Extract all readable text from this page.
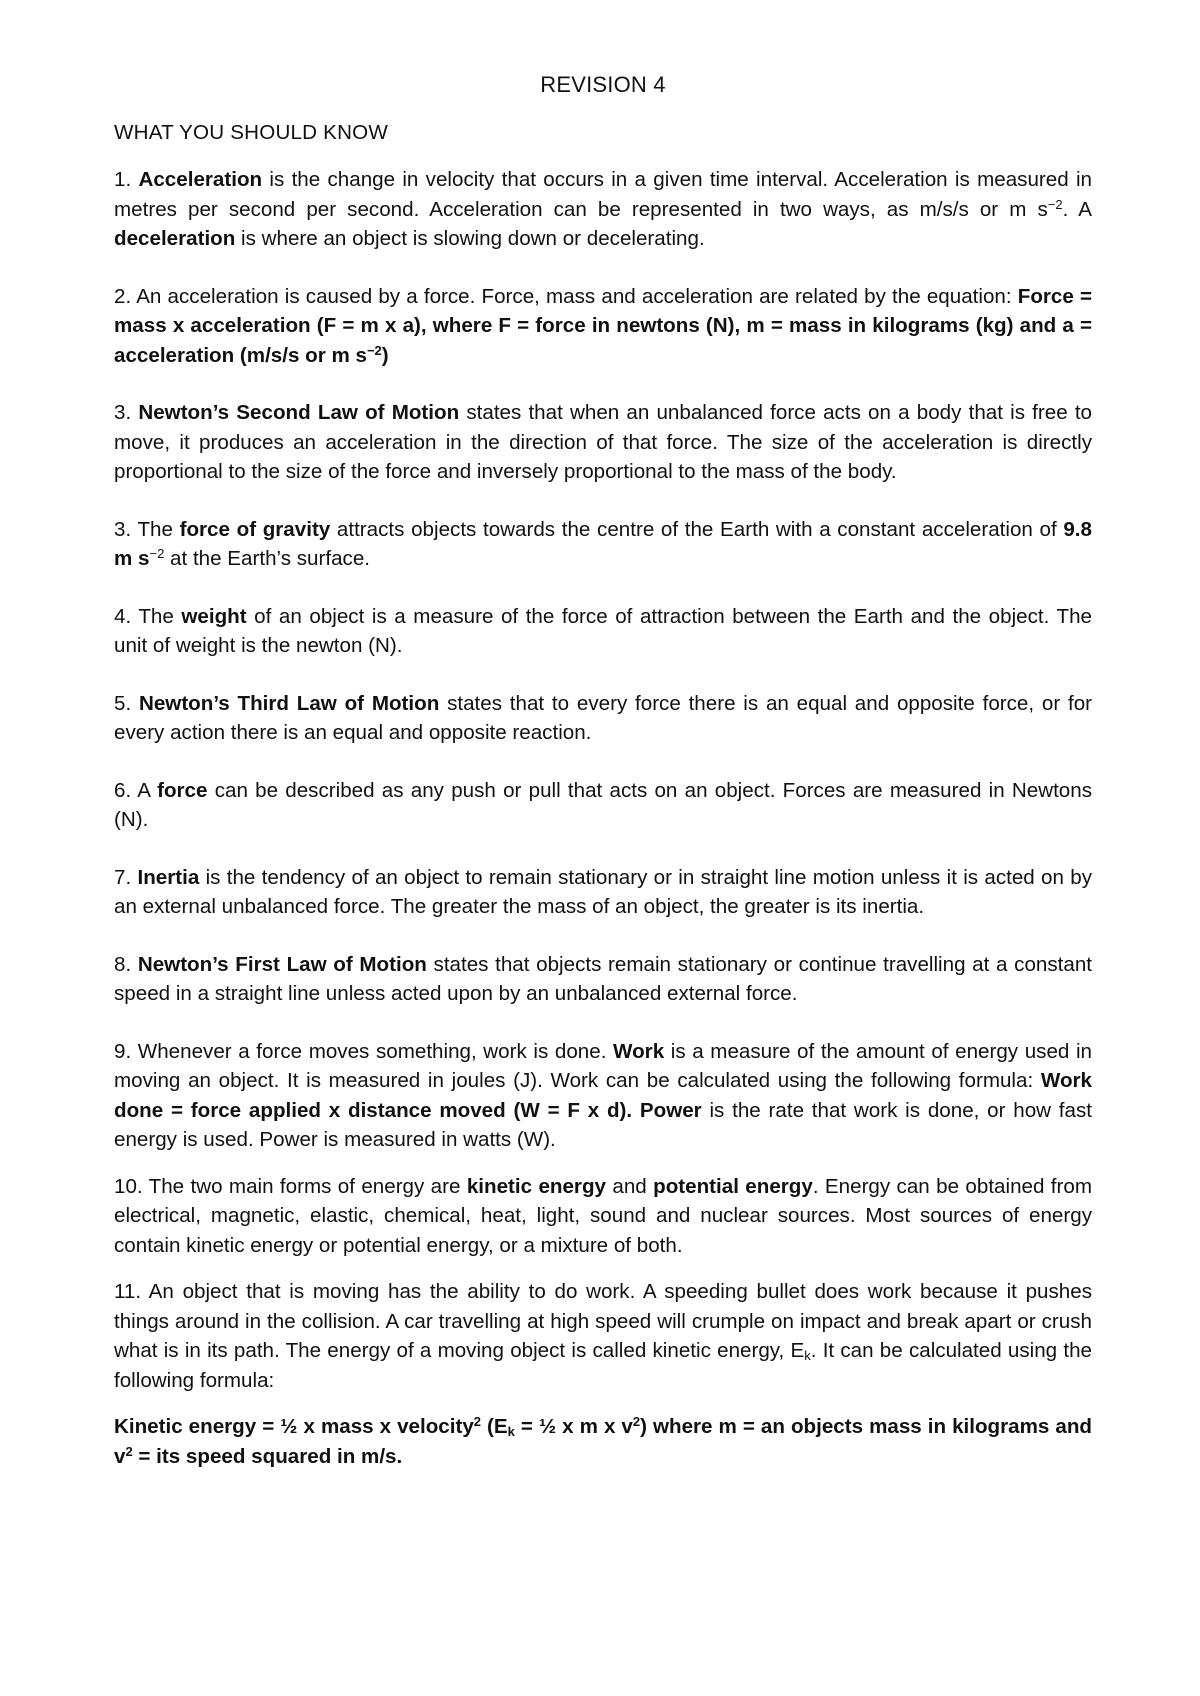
REVISION 4
WHAT YOU SHOULD KNOW

1. Acceleration is the change in velocity that occurs in a given time interval. Acceleration is measured in metres per second per second. Acceleration can be represented in two ways, as m/s/s or m $s^{-2}$. A deceleration is where an object is slowing down or decelerating.

2. An acceleration is caused by a force. Force, mass and acceleration are related by the equation: Force = mass x acceleration (F = m x a), where F = force in newtons (N), m = mass in kilograms (kg) and a = acceleration (m/s/s or m $s^{-2}$)

3. Newton’s Second Law of Motion states that when an unbalanced force acts on a body that is free to move, it produces an acceleration in the direction of that force. The size of the acceleration is directly proportional to the size of the force and inversely proportional to the mass of the body.

3. The force of gravity attracts objects towards the centre of the Earth with a constant acceleration of 9.8 m $s^{-2}$ at the Earth’s surface.

4. The weight of an object is a measure of the force of attraction between the Earth and the object. The unit of weight is the newton (N).

5. Newton’s Third Law of Motion states that to every force there is an equal and opposite force, or for every action there is an equal and opposite reaction.

6. A force can be described as any push or pull that acts on an object. Forces are measured in Newtons (N).

7. Inertia is the tendency of an object to remain stationary or in straight line motion unless it is acted on by an external unbalanced force. The greater the mass of an object, the greater is its inertia.

8. Newton’s First Law of Motion states that objects remain stationary or continue travelling at a constant speed in a straight line unless acted upon by an unbalanced external force.

9. Whenever a force moves something, work is done. Work is a measure of the amount of energy used in moving an object. It is measured in joules (J). Work can be calculated using the following formula: Work done = force applied x distance moved (W = F x d). Power is the rate that work is done, or how fast energy is used. Power is measured in watts (W).

10. The two main forms of energy are kinetic energy and potential energy. Energy can be obtained from electrical, magnetic, elastic, chemical, heat, light, sound and nuclear sources. Most sources of energy contain kinetic energy or potential energy, or a mixture of both.

11. An object that is moving has the ability to do work. A speeding bullet does work because it pushes things around in the collision. A car travelling at high speed will crumple on impact and break apart or crush what is in its path. The energy of a moving object is called kinetic energy, $E_k$. It can be calculated using the following formula:

Kinetic energy = ½ x mass x velocity$^2$ ($E_k$ = ½ x m x $v^2$) where m = an objects mass in kilograms and $v^2$ = its speed squared in m/s.
